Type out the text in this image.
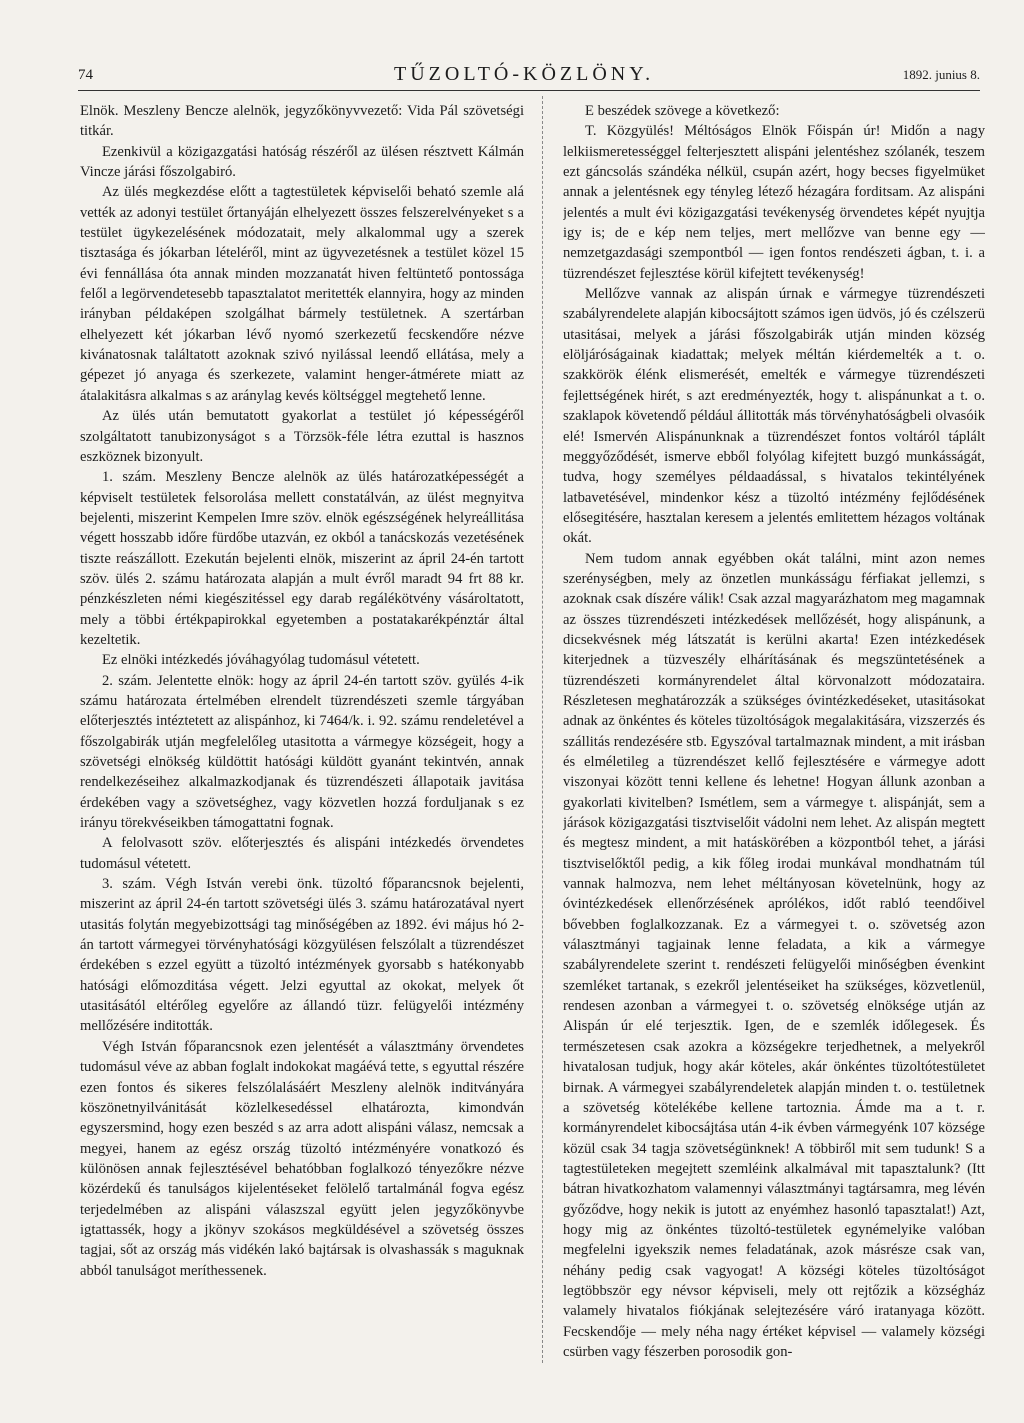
74	TŰZOLTÓ-KÖZLÖNY.	1892. junius 8.

Elnök. Meszleny Bencze alelnök, jegyzőkönyvvezető: Vida Pál szövetségi titkár.

Ezenkivül a közigazgatási hatóság részéről az ülésen résztvett Kálmán Vincze járási főszolgabiró.

Az ülés megkezdése előtt a tagtestületek képviselői beható szemle alá vették az adonyi testület őrtanyáján elhelyezett összes felszerelvényeket s a testület ügykezelésének módozatait, mely alkalommal ugy a szerek tisztasága és jókarban lételéről, mint az ügyvezetésnek a testület közel 15 évi fennállása óta annak minden mozzanatát hiven feltüntető pontossága felől a legörvendetesebb tapasztalatot meritették elannyira, hogy az minden irányban példaképen szolgálhat bármely testületnek. A szertárban elhelyezett két jókarban lévő nyomó szerkezetű fecskendőre nézve kivánatosnak találtatott azoknak szivó nyilással leendő ellátása, mely a gépezet jó anyaga és szerkezete, valamint henger-átmérete miatt az átalakitásra alkalmas s az aránylag kevés költséggel megtehető lenne.

Az ülés után bemutatott gyakorlat a testület jó képességéről szolgáltatott tanubizonyságot s a Törzsök-féle létra ezuttal is hasznos eszköznek bizonyult.

1. szám. Meszleny Bencze alelnök az ülés határozatképességét a képviselt testületek felsorolása mellett constatálván, az ülést megnyitva bejelenti, miszerint Kempelen Imre szöv. elnök egészségének helyreállitása végett hosszabb időre fürdőbe utazván, ez okból a tanácskozás vezetésének tiszte reászállott. Ezekután bejelenti elnök, miszerint az ápril 24-én tartott szöv. ülés 2. számu határozata alapján a mult évről maradt 94 frt 88 kr. pénzkészleten némi kiegészitéssel egy darab regálékötvény vásároltatott, mely a többi értékpapirokkal egyetemben a postatakarékpénztár által kezeltetik.

Ez elnöki intézkedés jóváhagyólag tudomásul vétetett.

2. szám. Jelentette elnök: hogy az ápril 24-én tartott szöv. gyülés 4-ik számu határozata értelmében elrendelt tüzrendészeti szemle tárgyában előterjesztés intéztetett az alispánhoz, ki 7464/k. i. 92. számu rendeletével a főszolgabirák utján megfelelőleg utasitotta a vármegye községeit, hogy a szövetségi elnökség küldöttit hatósági küldött gyanánt tekintvén, annak rendelkezéseihez alkalmazkodjanak és tüzrendészeti állapotaik javitása érdekében vagy a szövetséghez, vagy közvetlen hozzá fordulјanak s ez irányu törekvéseikben támogattatni fognak.

A felolvasott szöv. előterjesztés és alispáni intézkedés örvendetes tudomásul vétetett.

3. szám. Végh István verebi önk. tüzoltó főparancsnok bejelenti, miszerint az ápril 24-én tartott szövetségi ülés 3. számu határozatával nyert utasitás folytán megyebizottsági tag minőségében az 1892. évi május hó 2-án tartott vármegyei törvényhatósági közgyülésen felszólalt a tüzrendészet érdekében s ezzel együtt a tüzoltó intézmények gyorsabb s hatékonyabb hatósági előmozditása végett. Jelzi egyuttal az okokat, melyek őt utasitásától eltérőleg egyelőre az állandó tüzr. felügyelői intézmény mellőzésére inditották.

Végh István főparancsnok ezen jelentését a választmány örvendetes tudomásul véve az abban foglalt indokokat magáévá tette, s egyuttal részére ezen fontos és sikeres felszólalásáért Meszleny alelnök inditványára köszönetnyilvánitását közlelkesedéssel elhatározta, kimondván egyszersmind, hogy ezen beszéd s az arra adott alispáni válasz, nemcsak a megyei, hanem az egész ország tüzoltó intézményére vonatkozó és különösen annak fejlesztésével behatóbban foglalkozó tényezőkre nézve közérdekű és tanulságos kijelentéseket felölelő tartalmánál fogva egész terjedelmében az alispáni válaszszal együtt jelen jegyzőkönyvbe igtattassék, hogy a jkönyv szokásos megküldésével a szövetség összes tagjai, sőt az ország más vidékén lakó bajtársak is olvashassák s maguknak abból tanulságot meríthessenek.

E beszédek szövege a következő:

T. Közgyülés! Méltóságos Elnök Főispán úr! Midőn a nagy lelkiismeretességgel felterjesztett alispáni jelentéshez szólanék, teszem ezt gáncsolás szándéka nélkül, csupán azért, hogy becses figyelmüket annak a jelentésnek egy tényleg létező hézagára forditsam. Az alispáni jelentés a mult évi közigazgatási tevékenység örvendetes képét nyujtja igy is; de e kép nem teljes, mert mellőzve van benne egy — nemzetgazdasági szempontból — igen fontos rendészeti ágban, t. i. a tüzrendészet fejlesztése körül kifejtett tevékenység!

Mellőzve vannak az alispán úrnak e vármegye tüzrendészeti szabályrendelete alapján kibocsájtott számos igen üdvös, jó és czélszerü utasitásai, melyek a járási főszolgabirák utján minden község elöljáróságainak kiadattak; melyek méltán kiérdemelték a t. o. szakkörök élénk elismerését, emelték e vármegye tüzrendészeti fejlettségének hirét, s azt eredményezték, hogy t. alispánunkat a t. o. szaklapok követendő például állitották más törvényhatóságbeli olvasóik elé! Ismervén Alispánunknak a tüzrendészet fontos voltáról táplált meggyőződését, ismerve ebből folyólag kifejtett buzgó munkásságát, tudva, hogy személyes példaadással, s hivatalos tekintélyének latbavetésével, mindenkor kész a tüzoltó intézmény fejlődésének elősegitésére, hasztalan keresem a jelentés emlitettem hézagos voltának okát.

Nem tudom annak egyébben okát találni, mint azon nemes szerénységben, mely az önzetlen munkásságu férfiakat jellemzi, s azoknak csak díszére válik! Csak azzal magyarázhatom meg magamnak az összes tüzrendészeti intézkedések mellőzését, hogy alispánunk, a dicsekvésnek még látszatát is kerülni akarta! Ezen intézkedések kiterjednek a tüzveszély elhárításának és megszüntetésének a tüzrendészeti kormányrendelet által körvonalzott módozataira. Részletesen meghatározzák a szükséges óvintézkedéseket, utasitásokat adnak az önkéntes és köteles tüzoltóságok megalakitására, vizszerzés és szállitás rendezésére stb. Egyszóval tartalmaznak mindent, a mit irásban és elméletileg a tüzrendészet kellő fejlesztésére e vármegye adott viszonyai között tenni kellene és lehetne! Hogyan állunk azonban a gyakorlati kivitelben? Ismétlem, sem a vármegye t. alispánját, sem a járások közigazgatási tisztviselőit vádolni nem lehet. Az alispán megtett és megtesz mindent, a mit hatáskörében a központból tehet, a járási tisztviselőktől pedig, a kik főleg irodai munkával mondhatnám túl vannak halmozva, nem lehet méltányosan követelnünk, hogy az óvintézkedések ellenőrzésének aprólékos, időt rabló teendőivel bővebben foglalkozzanak. Ez a vármegyei t. o. szövetség azon választmányi tagjainak lenne feladata, a kik a vármegye szabályrendelete szerint t. rendészeti felügyelői minőségben évenkint szemléket tartanak, s ezekről jelentéseiket ha szükséges, közvetlenül, rendesen azonban a vármegyei t. o. szövetség elnöksége utján az Alispán úr elé terjesztik. Igen, de e szemlék időlegesek. És természetesen csak azokra a községekre terjedhetnek, a melyekről hivatalosan tudjuk, hogy akár köteles, akár önkéntes tüzoltótestületet birnak. A vármegyei szabályrendeletek alapján minden t. o. testületnek a szövetség kötelékébe kellene tartoznia. Ámde ma a t. r. kormányrendelet kibocsájtása után 4-ik évben vármegyénk 107 községe közül csak 34 tagja szövetségünknek! A többiről mit sem tudunk! S a tagtestületeken megejtett szemléink alkalmával mit tapasztalunk? (Itt bátran hivatkozhatom valamennyi választmányi tagtársamra, meg lévén győződve, hogy nekik is jutott az enyémhez hasonló tapasztalat!) Azt, hogy mig az önkéntes tüzoltó-testületek egynémelyike valóban megfelelni igyekszik nemes feladatának, azok másrésze csak van, néhány pedig csak vagyogat! A községi köteles tüzoltóságot legtöbbször egy névsor képviseli, mely ott rejtőzik a községház valamely hivatalos fiókjának selejtezésére váró iratanyaga között. Fecskendője — mely néha nagy értéket képvisel — valamely községi csürben vagy fészerben porosodik gon-
